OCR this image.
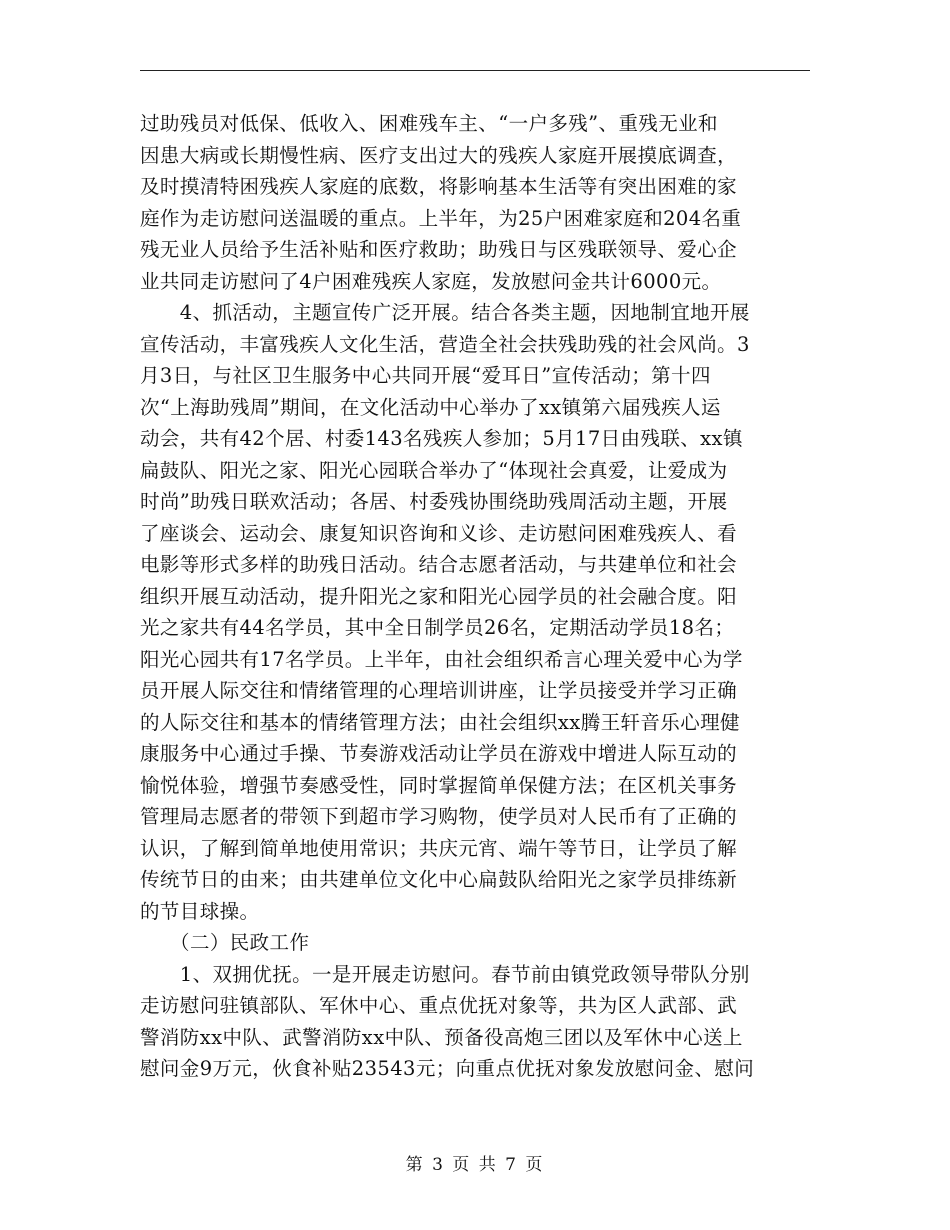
过助残员对低保、低收入、困难残车主、“一户多残”、重残无业和
因患大病或长期慢性病、医疗支出过大的残疾人家庭开展摸底调查，
及时摸清特困残疾人家庭的底数，将影响基本生活等有突出困难的家
庭作为走访慰问送温暖的重点。上半年，为25户困难家庭和204名重
残无业人员给予生活补贴和医疗救助；助残日与区残联领导、爱心企
业共同走访慰问了4户困难残疾人家庭，发放慰问金共计6000元。
　　4、抓活动，主题宣传广泛开展。结合各类主题，因地制宜地开展
宣传活动，丰富残疾人文化生活，营造全社会扶残助残的社会风尚。3
月3日，与社区卫生服务中心共同开展“爱耳日”宣传活动；第十四
次“上海助残周”期间，在文化活动中心举办了xx镇第六届残疾人运
动会，共有42个居、村委143名残疾人参加；5月17日由残联、xx镇
扁鼓队、阳光之家、阳光心园联合举办了“体现社会真爱，让爱成为
时尚”助残日联欢活动；各居、村委残协围绕助残周活动主题，开展
了座谈会、运动会、康复知识咨询和义诊、走访慰问困难残疾人、看
电影等形式多样的助残日活动。结合志愿者活动，与共建单位和社会
组织开展互动活动，提升阳光之家和阳光心园学员的社会融合度。阳
光之家共有44名学员，其中全日制学员26名，定期活动学员18名；
阳光心园共有17名学员。上半年，由社会组织希言心理关爱中心为学
员开展人际交往和情绪管理的心理培训讲座，让学员接受并学习正确
的人际交往和基本的情绪管理方法；由社会组织xx腾王轩音乐心理健
康服务中心通过手操、节奏游戏活动让学员在游戏中增进人际互动的
愉悦体验，增强节奏感受性，同时掌握简单保健方法；在区机关事务
管理局志愿者的带领下到超市学习购物，使学员对人民币有了正确的
认识，了解到简单地使用常识；共庆元宵、端午等节日，让学员了解
传统节日的由来；由共建单位文化中心扁鼓队给阳光之家学员排练新
的节目球操。
　　（二）民政工作
　　1、双拥优抚。一是开展走访慰问。春节前由镇党政领导带队分别
走访慰问驻镇部队、军休中心、重点优抚对象等，共为区人武部、武
警消防xx中队、武警消防xx中队、预备役高炮三团以及军休中心送上
慰问金9万元，伙食补贴23543元；向重点优抚对象发放慰问金、慰问
第 3 页 共 7 页
